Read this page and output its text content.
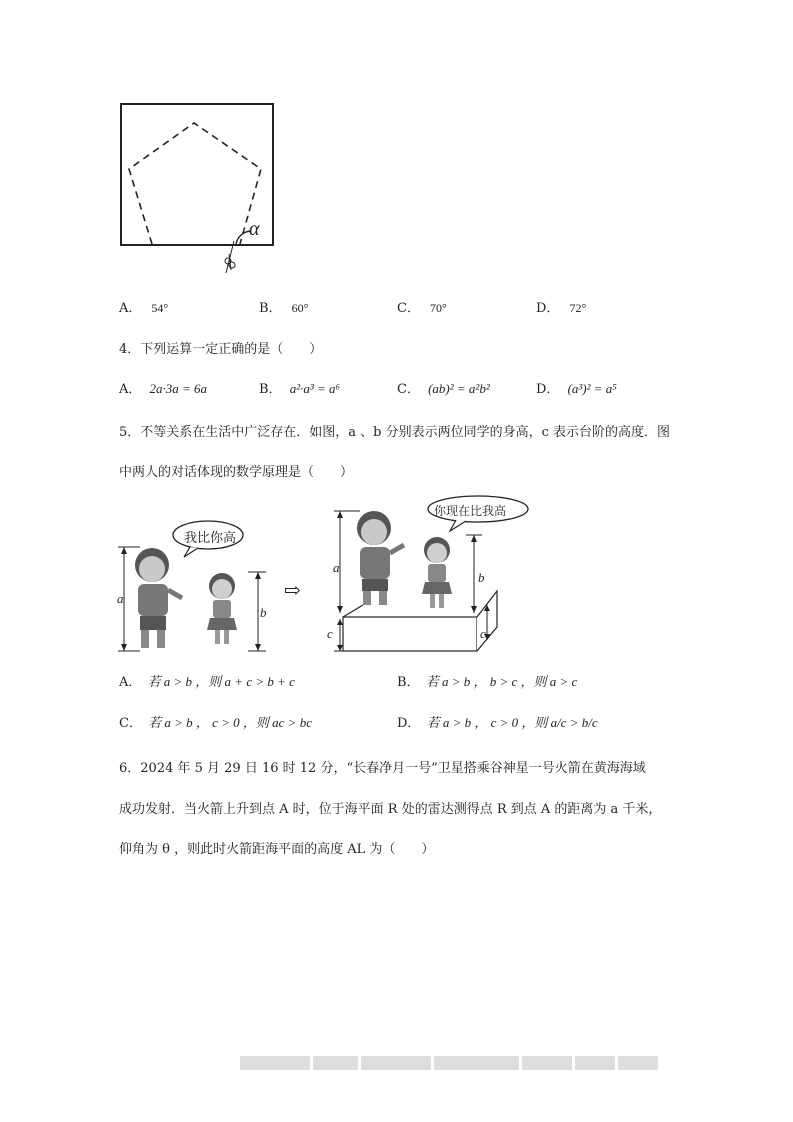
α
A． 54°	B． 60°	C． 70°	D． 72°
4．下列运算一定正确的是（　　）
A． 2a·3a = 6a	B． a²·a³ = a⁶	C． (ab)² = a²b²	D． (a³)² = a⁵
5．不等关系在生活中广泛存在．如图，a 、b 分别表示两位同学的身高，c 表示台阶的高度．图
中两人的对话体现的数学原理是（　　）
我比你高
你现在比我高
a
b
⇨
a
c
b
c
A． 若 a > b ，则 a + c > b + c	B． 若 a > b ， b > c ，则 a > c
C． 若 a > b ， c > 0 ，则 ac > bc	D． 若 a > b ， c > 0 ，则 a/c > b/c
6．2024 年 5 月 29 日 16 时 12 分，“长春净月一号”卫星搭乘谷神星一号火箭在黄海海域
成功发射．当火箭上升到点 A 时，位于海平面 R 处的雷达测得点 R 到点 A 的距离为 a 千米，
仰角为 θ ，则此时火箭距海平面的高度 AL 为（　　）
